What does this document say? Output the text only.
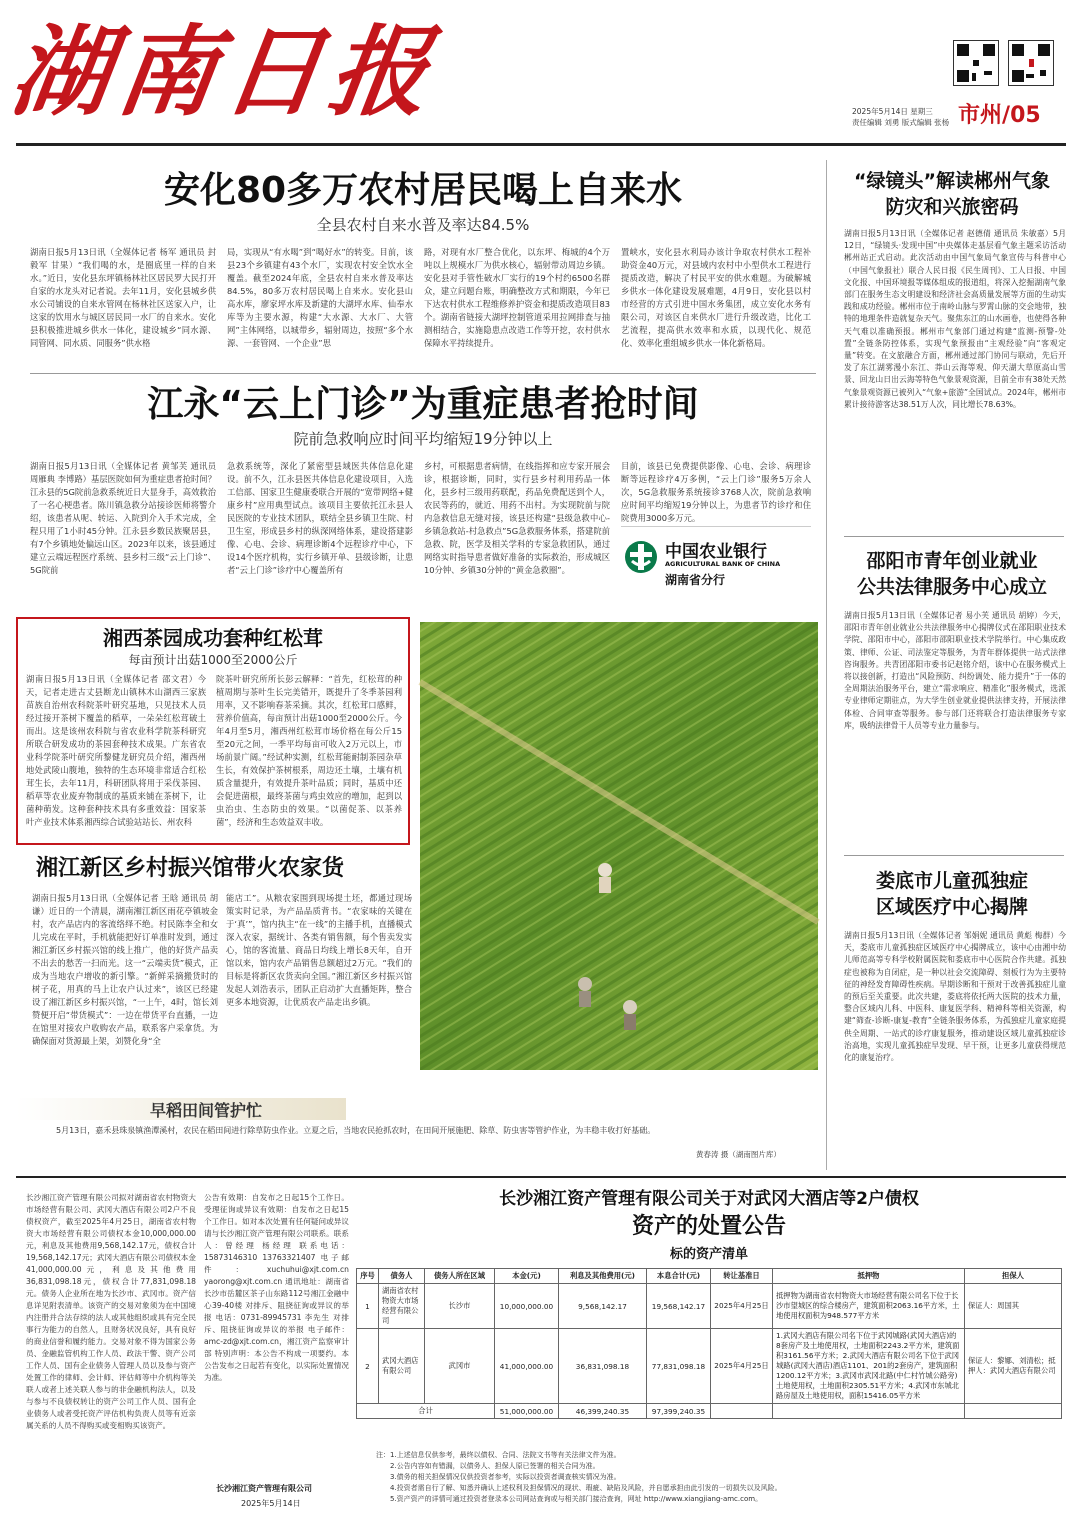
湖南日报	2025年5月14日 星期三
责任编辑 刘勇 版式编辑 张杨 市州/05
安化80多万农村居民喝上自来水
全县农村自来水普及率达84.5%
湖南日报5月13日讯（全媒体记者 杨军 通讯员 封毅军 甘果）“我们喝的水，是圈底里一样的自来水。”近日，安化县东坪镇杨林社区居民罗大民打开自家的水龙头对记者说。去年11月，安化县城乡供水公司铺设的自来水管网在杨林社区送家入户，让这家的饮用水与城区居民同一水厂的自来水。安化县积极推进城乡供水一体化，建设城乡“同水源、同管网、同水质、同服务”供水格
局，实现从“有水喝”到“喝好水”的转变。目前，该县23个乡镇建有43个水厂，实现农村安全饮水全覆盖。截至2024年底，全县农村自来水普及率达84.5%，80多万农村居民喝上自来水。安化县山高水库，廖家坪水库及新建的大湖坪水库、仙奉水库等为主要水源，构建“大水源、大水厂、大管网”主体网络，以城带乡，辐射周边，按照“多个水源、一套管网、一个企业”思
路，对现有水厂整合优化，以东坪、梅城的4个万吨以上规模水厂为供水核心，辐射带动周边乡镇。安化县对手管性破水厂实行的19个村约6500名群众，建立问题台账，明确整改方式和期限，今年已下达农村供水工程维修养护资金和提质改造项目83个。湖南省链接大湖坪控制管道采用拉网排查与抽测相结合，实施隐患点改造工作等开挖，农村供水保障水平持续提升。
置峡水，安化县水利局办该计争取农村供水工程补助资金40万元，对县域内农村中小型供水工程进行提质改造，解决了村民平安的供水难题。为破解城乡供水一体化建设发展难题，4月9日，安化县以村市经营的方式引进中国水务集团，成立安化水务有限公司，对该区自来供水厂进行升级改造，比化工艺流程，提高供水效率和水质，以现代化、规范化、效率化重组城乡供水一体化新格局。
江永“云上门诊”为重症患者抢时间
院前急救响应时间平均缩短19分钟以上
湖南日报5月13日讯（全媒体记者 黄邹芙 通讯员 周雁典 李博路）基层医院如何为重症患者抢时间？江永县的5G院前急救系统近日大显身手，高效救治了一名心梗患者。陈川镇急救分站接诊医师将警介绍，该患者从呢、转运、入院到介入手术完成，全程只用了1小时45分钟。江永县乡数民族聚居县，有7个乡镇地处偏远山区。2023年以来，该县通过建立云端远程医疗系统、县乡村三级“云上门诊”、5G院前
急救系统等，深化了紧密型县域医共体信息化建设。前不久，江永县医共体信息化建设项目，入选工信部、国家卫生健康委联合开展的“宽带网络+健康乡村”应用典型试点。该项目主要依托江永县人民医院的专业技术团队，联结全县乡镇卫生院、村卫生室，形成县乡村的纵深网络体系，建设搭建影像、心电、会诊、病理诊断4个远程诊疗中心，下设14个医疗机构，实行乡镇开单、县级诊断，让患者“云上门诊”诊疗中心覆盖所有
乡村，可根据患者病情，在线指挥和应专家开展会诊，根据诊断，同时，实行县乡村利用药品一体化，县乡村三级用药联配，药品免费配送到个人，农民等药的，就近、用药不出村。为实现院前与院内急救信息无缝对接，该县还构建“县级急救中心-乡镇急救站-村急救点”5G急救服务体系，搭建院前急救、院，医学及相关学科的专家急救团队，通过网络实时指导患者做好准备的实际救治，形成城区10分钟、乡镇30分钟的“黄金急救圈”。
目前，该县已免费提供影像、心电、会诊、病理诊断等远程诊疗4万多例，“云上门诊”服务5万余人次，5G急救服务系统接诊3768人次，院前急救响应时间平均缩短19分钟以上，为患者节约诊疗和住院费用3000多万元。
中国农业银行
AGRICULTURAL BANK OF CHINA
湖南省分行
湘西茶园成功套种红松茸
每亩预计出菇1000至2000公斤
湖南日报5月13日讯（全媒体记者 邵文君）今天，记者走进古丈县断龙山镇林木山湖西三家族苗族自治州农科院茶叶研究基地，只见技术人员经过接开茶树下覆盖的稻草，一朵朵红松茸破土而出。这是该州农科院与省农业科学院茶科研究所联合研发成功的茶园套种技术成果。广东省农业科学院茶叶研究所黎健龙研究员介绍，湘西州地处武陵山腹地，独特的生态环境非常适合红松茸生长，去年11月，科研团队将用于采伐茶园、稻草等农业废弃物制成的基质来铺在茶树下，让菌种萌发。这种套种技术具有多重效益：国家茶叶产业技术体系湘西综合试验站站长、州农科
院茶叶研究所所长彭云解释：“首先，红松茸的种植周期与茶叶生长完美错开，既提升了冬季茶园利用率，又不影响春茶采摘。其次，红松茸口感鲜，营养价值高，每亩预计出菇1000至2000公斤。今年4月至5月，湘西州红松茸市场价格在每公斤15至20元之间，一季平均每亩可收入2万元以上，市场前景广阔。”经试种实测，红松茸能耐制茶园杂草生长，有效保护茶树根系，周边还土壤，土壤有机质含量提升，有效提升茶叶品质；同时，基质中还会促进菌根，最终茶菌与鸡虫效应的增加，起到以虫治虫、生态防虫的效果。“以菌促茶、以茶养菌”，经济和生态效益双丰收。
湘江新区乡村振兴馆带火农家货
湖南日报5月13日讯（全媒体记者 王晗 通讯员 胡谦）近日的一个清晨，湖南湘江新区雨花亭镇坡金村，农产品店内的客流络绎不绝。村民陈李全和女儿完成在平时，手机就能把好订单准时发到，通过湘江新区乡村振兴馆的线上推广，他的好货产品卖不出去的愁苦一扫而光。这一“云端卖货”模式，正成为当地农户增收的新引擎。“新鲜采摘搬货时的树子花，用真的马上让农户认过来”，该区已经建设了湘江新区乡村振兴馆，“一上午，4时，馆长刘赞便开启“带货模式”：一边在带货平台直播，一边在馆里对接农户收购农产品，联系客户采拿货。为确保面对货源最上架，刘赞化身“全
能店工”。从粮农家围到现场提土坯，都通过现场策实时记录，为产品品质背书。“农家味的关键在于‘真’”，馆内执主“在一线”的主播手机，直播模式深入农家，据统计、各类有销售额，每个售卖发实心，馆的客流量、商品日均线上增长8天年，自开馆以来，馆内农产品销售总额超过2万元。“我们的目标是将新区农货卖向全国。”湘江新区乡村振兴馆发起人刘浩表示，团队正启动扩大直播矩阵，整合更多本地资源，让优质农产品走出乡镇。
早稻田间管护忙
5月13日，嘉禾县珠泉镇渔潭溪村，农民在稻田间进行除草防虫作业。立夏之后，当地农民抢抓农时，在田间开展施肥、除草、防虫害等管护作业，为丰稳丰收打好基础。
黄春涛 摄（湖南图片库）
“绿镜头”解读郴州气象
防灾和兴旅密码
湖南日报5月13日讯（全媒体记者 赵德倩 通讯员 朱敏嘉）5月12日，“绿镜头·发现中国”中央媒体走基层看气象主题采访活动郴州站正式启动。此次活动由中国气象局气象宣传与科普中心（中国气象报社）联合人民日报《民生周刊》、工人日报、中国文化报、中国环境报等媒体组成的报道组，将深入挖掘湖南气象部门在服务生态文明建设和经济社会高质量发展等方面的生动实践和成功经验。郴州市位于南岭山脉与罗霄山脉的交会地带，独特的地理条件造就复杂天气。聚焦东江的山水画卷，也使得各种天气难以准确预报。郴州市气象部门通过构建“监测-预警-处置”全链条防控体系，实现气象预报由“主观经验”向“客观定量”转变。在文旅融合方面，郴州通过部门协同与联动，先后开发了东江湖雾漫小东江、莽山云海等观、仰天湖大草原高山雪景、回龙山日出云海等特色气象景观资源，目前全市有38处天然气象景观资源已被列入“气象+旅游”全国试点。2024年，郴州市累计接待游客达38.51万人次，同比增长78.63%。
邵阳市青年创业就业
公共法律服务中心成立
湖南日报5月13日讯（全媒体记者 易小芙 通讯员 胡婷）今天，邵阳市青年创业就业公共法律服务中心揭牌仪式在邵阳职业技术学院、邵阳市中心，邵阳市邵阳职业技术学院举行。中心集成政策、律师、公证、司法鉴定等服务，为青年群体提供一站式法律咨询服务。共青团邵阳市委书记赵铭介绍，该中心在服务模式上将以接创新，打造出“风险预防、纠纷调处、能力提升”于一体的全周期法治服务平台，建立“需求响应、精准化”服务模式，选派专业律师定期驻点，为大学生创业就业提供法律支持，开展法律体检、合同审查等服务。参与部门还将联合打造法律服务专家库，吸纳法律骨干人员等专业力量参与。
娄底市儿童孤独症
区域医疗中心揭牌
湖南日报5月13日讯（全媒体记者 邹娟妮 通讯员 黄彪 梅群）今天，娄底市儿童孤独症区域医疗中心揭牌成立，该中心由湘中幼儿师范高等专科学校附属医院和娄底市中心医院合作共建。孤独症也被称为自闭症，是一种以社会交流障碍、刻板行为为主要特征的神经发育障碍性疾病。早期诊断和干预对于改善孤独症儿童的预后至关重要。此次共建，娄底将依托两大医院的技术力量，整合区域内儿科、中医科、康复医学科、精神科等相关资源，构建“筛查-诊断-康复-教育”全链条服务体系，为孤独症儿童家庭提供全周期、一站式的诊疗康复服务，推动建设区域儿童孤独症诊治高地，实现儿童孤独症早发现、早干预，让更多儿童获得规范化的康复治疗。
长沙湘江资产管理有限公司拟对湖南省农村物资大市场经营有限公司、武冈大酒店有限公司2户不良债权资产，截至2025年4月25日，湖南省农村物资大市场经营有限公司债权本金10,000,000.00元，利息及其他费用9,568,142.17元，债权合计19,568,142.17元；武冈大酒店有限公司债权本金41,000,000.00元，利息及其他费用36,831,098.18元，债权合计77,831,098.18元。债务人企业所在地为长沙市、武冈市。资产信息详见附表清单。该资产的交易对象须为在中国境内注册并合法存续的法人或其他组织或具有完全民事行为能力的自然人，且财务状况良好，具有良好的商业信誉和履约能力。交易对象不得为国家公务员、金融监管机构工作人员、政法干警、资产公司工作人员、国有企业债务人管理人员以及参与资产处置工作的律师、会计师、评估师等中介机构等关联人或者上述关联人参与的非金融机构法人，以及与参与不良债权转让的资产公司工作人员、国有企业债务人或者受托资产评估机构负责人员等有近亲属关系的人员不得购买或变相购买该资产。
公告有效期：自发布之日起15个工作日。受理征询或异议有效期：自发布之日起15个工作日。如对本次处置有任何疑问或异议请与长沙湘江资产管理有限公司联系。联系人：曾经理 杨经理 联系电话：15873146310 13763321407 电子邮件：xuchuhui@xjt.com.cn yaorong@xjt.com.cn 通讯地址：湖南省长沙市岳麓区茶子山东路112号湘江金融中心39-40楼 对排斥、阻挠征询或异议的举报 电话：0731-89945731 李先生 对排斥、阻挠征询或异议的举报 电子邮件：amc-zd@xjt.com.cn，湘江资产监察审计部 特别声明：本公告不构成一项要约。本公告发布之日起若有变化，以实际处置情况为准。
长沙湘江资产管理有限公司
2025年5月14日
长沙湘江资产管理有限公司关于对武冈大酒店等2户债权
资产的处置公告
标的资产清单
序号	债务人	债务人所在区域	本金(元)	利息及其他费用(元)	本息合计(元)	转让基准日	抵押物	担保人
1	湖南省农村物资大市场经营有限公司	长沙市	10,000,000.00	9,568,142.17	19,568,142.17	2025年4月25日	抵押物为湖南省农村物资大市场经营有限公司名下位于长沙市望城区的综合楼房产，建筑面积2063.16平方米，土地使用权面积为948.577平方米	保证人：周国其
2	武冈大酒店有限公司	武冈市	41,000,000.00	36,831,098.18	77,831,098.18	2025年4月25日	1.武冈大酒店有限公司名下位于武冈城路(武冈大酒店)的8套房产及土地使用权，土地面积2243.2平方米，建筑面积3161.56平方米；2.武冈大酒店有限公司名下位于武冈城路(武冈大酒店)酒店1101、201的2套房产，建筑面积1200.12平方米；3.武冈市武冈北路(中仁村竹城公路旁)土地使用权，土地面积2305.51平方米；4.武冈市东城北路房屋及土地使用权，面积15416.05平方米	保证人：黎娜、刘清松；抵押人：武冈大酒店有限公司
合计			51,000,000.00	46,399,240.35	97,399,240.35			
注：1.上述信息仅供参考，最终以债权、合同、法院文书等有关法律文件为准。
2.公告内容如有错漏，以债务人、担保人原已签署的相关合同为准。
3.债务的相关担保情况仅供投资者参考，实际以投资者调查核实情况为准。
4.投资者需自行了解、知悉并确认上述权利及担保情况的现状、瑕疵、缺陷及风险，并自愿承担由此引发的一切损失以及风险。
5.资产资产的详情可通过投资者登录本公司网站查询或与相关部门接洽查询，网址 http://www.xiangjiang-amc.com。
